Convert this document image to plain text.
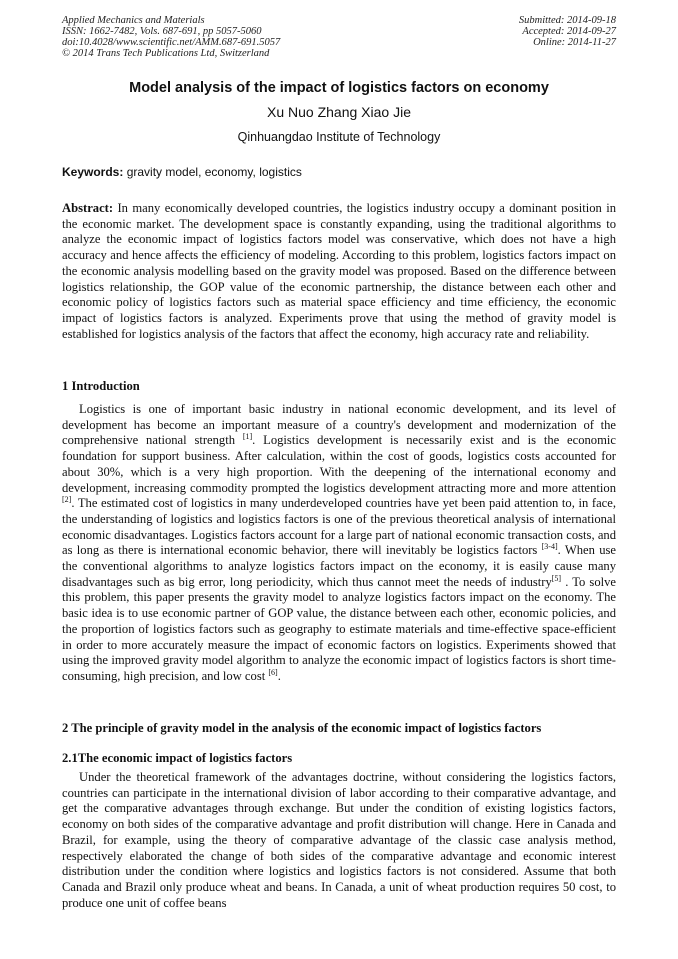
Applied Mechanics and Materials
ISSN: 1662-7482, Vols. 687-691, pp 5057-5060
doi:10.4028/www.scientific.net/AMM.687-691.5057
© 2014 Trans Tech Publications Ltd, Switzerland
Submitted: 2014-09-18
Accepted: 2014-09-27
Online: 2014-11-27
Model analysis of the impact of logistics factors on economy
Xu Nuo Zhang Xiao Jie
Qinhuangdao Institute of Technology
Keywords: gravity model, economy, logistics
Abstract: In many economically developed countries, the logistics industry occupy a dominant position in the economic market. The development space is constantly expanding, using the traditional algorithms to analyze the economic impact of logistics factors model was conservative, which does not have a high accuracy and hence affects the efficiency of modeling. According to this problem, logistics factors impact on the economic analysis modelling based on the gravity model was proposed. Based on the difference between logistics relationship, the GOP value of the economic partnership, the distance between each other and economic policy of logistics factors such as material space efficiency and time efficiency, the economic impact of logistics factors is analyzed. Experiments prove that using the method of gravity model is established for logistics analysis of the factors that affect the economy, high accuracy rate and reliability.
1 Introduction
Logistics is one of important basic industry in national economic development, and its level of development has become an important measure of a country's development and modernization of the comprehensive national strength [1]. Logistics development is necessarily exist and is the economic foundation for support business. After calculation, within the cost of goods, logistics costs accounted for about 30%, which is a very high proportion. With the deepening of the international economy and development, increasing commodity prompted the logistics development attracting more and more attention [2]. The estimated cost of logistics in many underdeveloped countries have yet been paid attention to, in face, the understanding of logistics and logistics factors is one of the previous theoretical analysis of international economic disadvantages. Logistics factors account for a large part of national economic transaction costs, and as long as there is international economic behavior, there will inevitably be logistics factors [3-4]. When use the conventional algorithms to analyze logistics factors impact on the economy, it is easily cause many disadvantages such as big error, long periodicity, which thus cannot meet the needs of industry[5] . To solve this problem, this paper presents the gravity model to analyze logistics factors impact on the economy. The basic idea is to use economic partner of GOP value, the distance between each other, economic policies, and the proportion of logistics factors such as geography to estimate materials and time-effective space-efficient in order to more accurately measure the impact of economic factors on logistics. Experiments showed that using the improved gravity model algorithm to analyze the economic impact of logistics factors is short time-consuming, high precision, and low cost [6].
2 The principle of gravity model in the analysis of the economic impact of logistics factors
2.1The economic impact of logistics factors
Under the theoretical framework of the advantages doctrine, without considering the logistics factors, countries can participate in the international division of labor according to their comparative advantage, and get the comparative advantages through exchange. But under the condition of existing logistics factors, economy on both sides of the comparative advantage and profit distribution will change. Here in Canada and Brazil, for example, using the theory of comparative advantage of the classic case analysis method, respectively elaborated the change of both sides of the comparative advantage and economic interest distribution under the condition where logistics and logistics factors is not considered. Assume that both Canada and Brazil only produce wheat and beans. In Canada, a unit of wheat production requires 50 cost, to produce one unit of coffee beans
